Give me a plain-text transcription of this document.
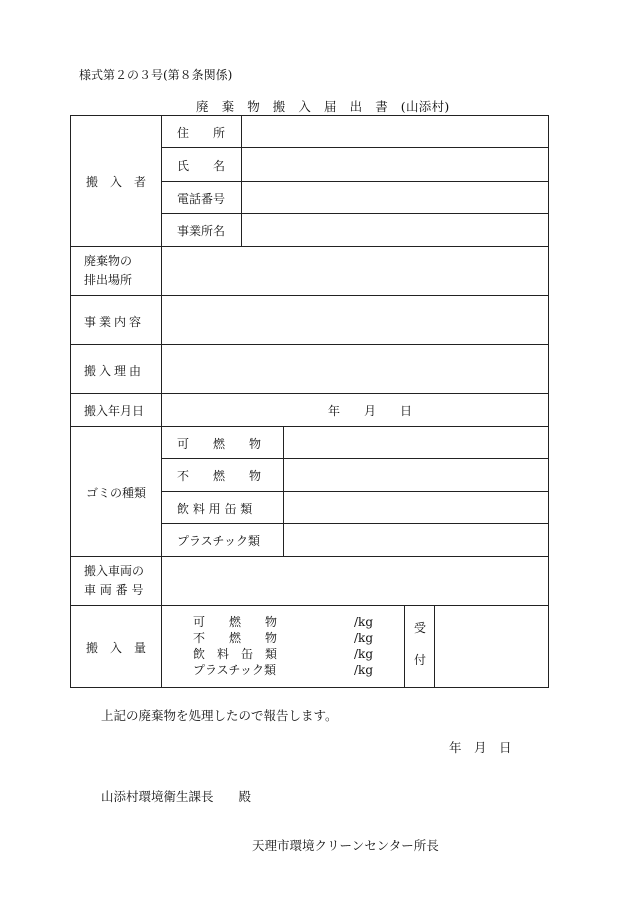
様式第２の３号(第８条関係)
廃　棄　物　搬　入　届　出　書　(山添村)
搬　入　者
住　　所
氏　　名
電話番号
事業所名
廃棄物の
排出場所
事業内容
搬入理由
搬入年月日	年　　月　　日
ゴミの種類
可　　燃　　物
不　　燃　　物
飲 料 用 缶 類
プラスチック類
搬入車両の
車 両 番 号
搬　入　量
可　　燃　　物
不　　燃　　物
飲　料　缶　類
プラスチック類
/kg
/kg
/kg
/kg
受

付
上記の廃棄物を処理したので報告します。
年　月　日
山添村環境衛生課長　　殿
天理市環境クリーンセンター所長
